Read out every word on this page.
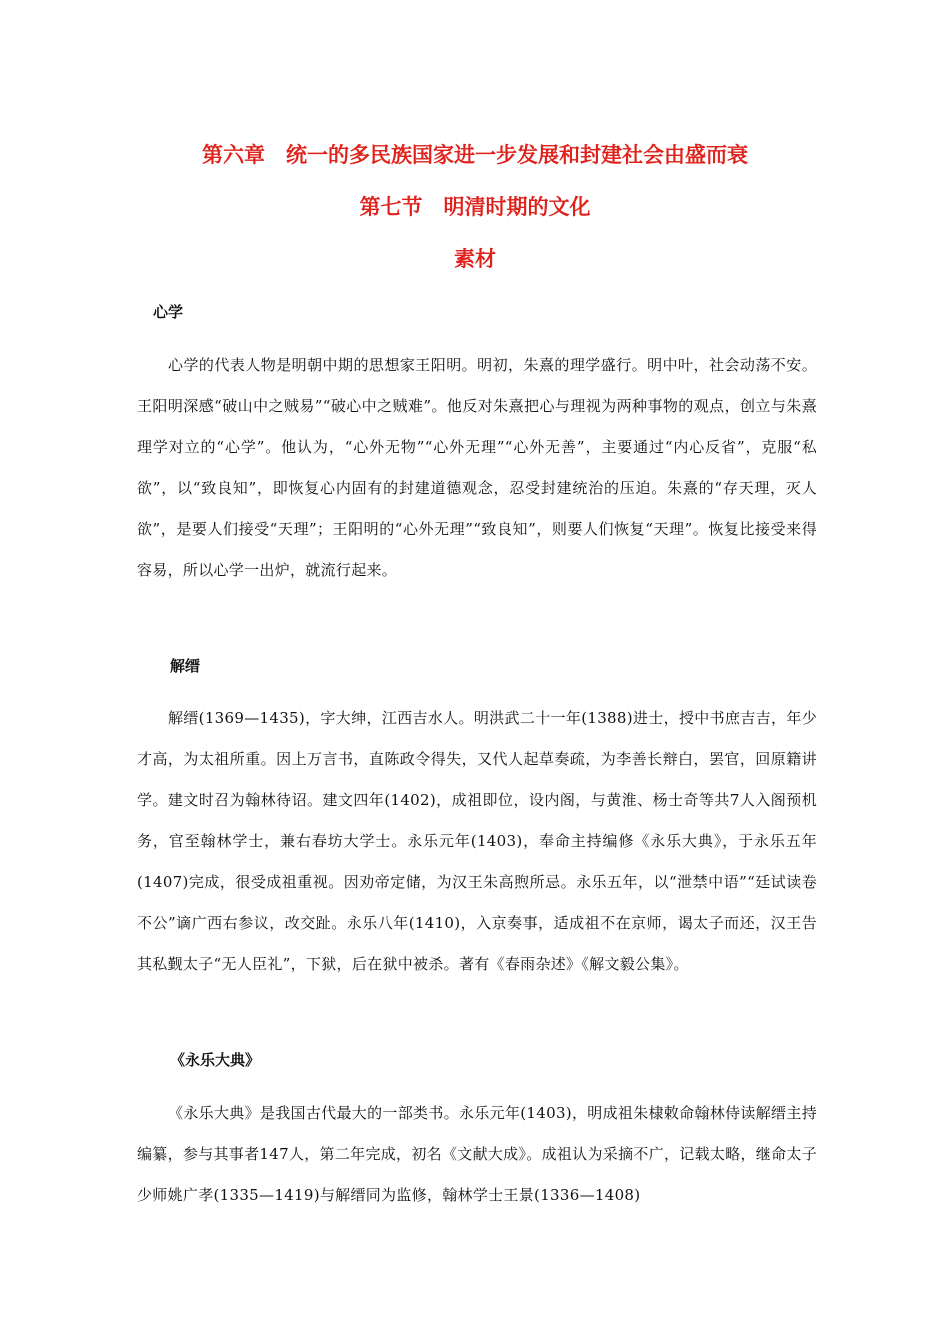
第六章　统一的多民族国家进一步发展和封建社会由盛而衰
第七节　明清时期的文化
素材
心学

心学的代表人物是明朝中期的思想家王阳明。明初，朱熹的理学盛行。明中叶，社会动荡不安。王阳明深感“破山中之贼易”“破心中之贼难”。他反对朱熹把心与理视为两种事物的观点，创立与朱熹理学对立的“心学”。他认为，“心外无物”“心外无理”“心外无善”，主要通过“内心反省”，克服“私欲”，以“致良知”，即恢复心内固有的封建道德观念，忍受封建统治的压迫。朱熹的“存天理，灭人欲”，是要人们接受“天理”；王阳明的“心外无理”“致良知”，则要人们恢复“天理”。恢复比接受来得容易，所以心学一出炉，就流行起来。

解缙

解缙(1369—1435)，字大绅，江西吉水人。明洪武二十一年(1388)进士，授中书庶吉吉，年少才高，为太祖所重。因上万言书，直陈政令得失，又代人起草奏疏，为李善长辩白，罢官，回原籍讲学。建文时召为翰林待诏。建文四年(1402)，成祖即位，设内阁，与黄淮、杨士奇等共7人入阁预机务，官至翰林学士，兼右春坊大学士。永乐元年(1403)，奉命主持编修《永乐大典》，于永乐五年(1407)完成，很受成祖重视。因劝帝定储，为汉王朱高煦所忌。永乐五年，以“泄禁中语”“廷试读卷不公”谪广西右参议，改交趾。永乐八年(1410)，入京奏事，适成祖不在京师，谒太子而还，汉王告其私觐太子“无人臣礼”，下狱，后在狱中被杀。著有《春雨杂述》《解文毅公集》。

《永乐大典》

《永乐大典》是我国古代最大的一部类书。永乐元年(1403)，明成祖朱棣敕命翰林侍读解缙主持编纂，参与其事者147人，第二年完成，初名《文献大成》。成祖认为采摘不广，记载太略，继命太子少师姚广孝(1335—1419)与解缙同为监修，翰林学士王景(1336—1408)
